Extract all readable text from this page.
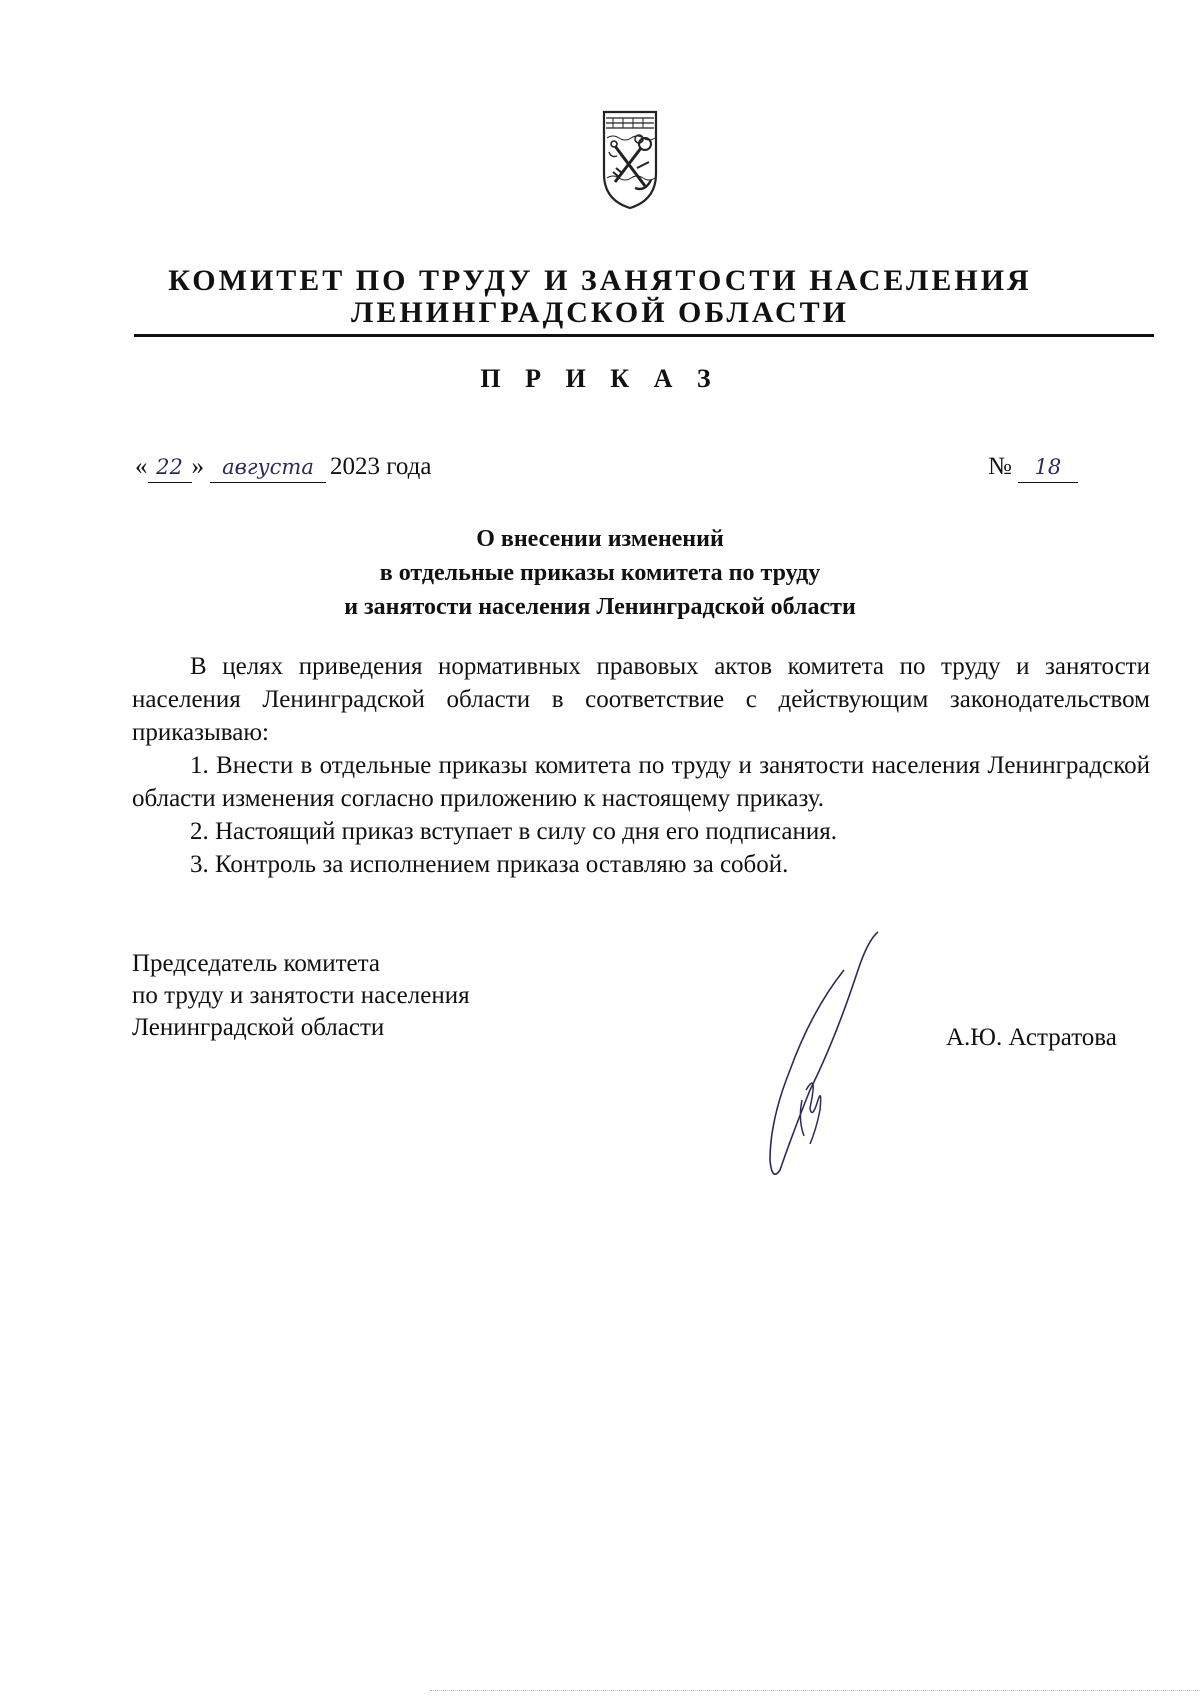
КОМИТЕТ ПО ТРУДУ И ЗАНЯТОСТИ НАСЕЛЕНИЯ
ЛЕНИНГРАДСКОЙ ОБЛАСТИ
П Р И К А З
« 22 » августа 2023 года	№ 18
О внесении изменений
в отдельные приказы комитета по труду
и занятости населения Ленинградской области

В целях приведения нормативных правовых актов комитета по труду и занятости населения Ленинградской области в соответствие с действующим законодательством приказываю:

1. Внести в отдельные приказы комитета по труду и занятости населения Ленинградской области изменения согласно приложению к настоящему приказу.

2. Настоящий приказ вступает в силу со дня его подписания.

3. Контроль за исполнением приказа оставляю за собой.

Председатель комитета
по труду и занятости населения
Ленинградской области	А.Ю. Астратова
